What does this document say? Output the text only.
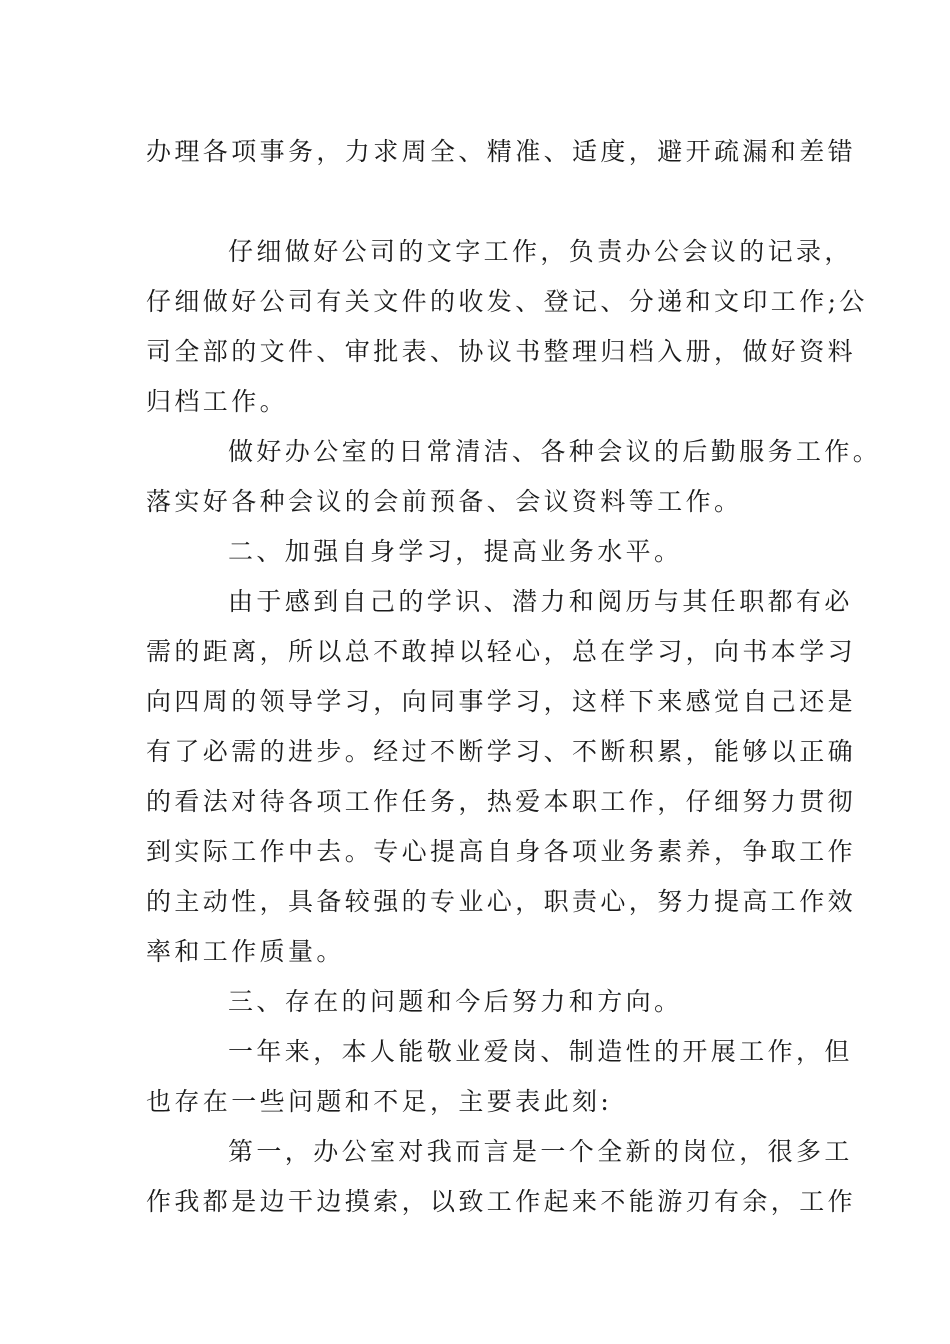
办理各项事务，力求周全、精准、适度，避开疏漏和差错
仔细做好公司的文字工作，负责办公会议的记录，
仔细做好公司有关文件的收发、登记、分递和文印工作;公
司全部的文件、审批表、协议书整理归档入册，做好资料
归档工作。
做好办公室的日常清洁、各种会议的后勤服务工作。
落实好各种会议的会前预备、会议资料等工作。
二、加强自身学习，提高业务水平。
由于感到自己的学识、潜力和阅历与其任职都有必
需的距离，所以总不敢掉以轻心，总在学习，向书本学习
向四周的领导学习，向同事学习，这样下来感觉自己还是
有了必需的进步。经过不断学习、不断积累，能够以正确
的看法对待各项工作任务，热爱本职工作，仔细努力贯彻
到实际工作中去。专心提高自身各项业务素养，争取工作
的主动性，具备较强的专业心，职责心，努力提高工作效
率和工作质量。
三、存在的问题和今后努力和方向。
一年来，本人能敬业爱岗、制造性的开展工作，但
也存在一些问题和不足，主要表此刻:
第一，办公室对我而言是一个全新的岗位，很多工
作我都是边干边摸索，以致工作起来不能游刃有余，工作
